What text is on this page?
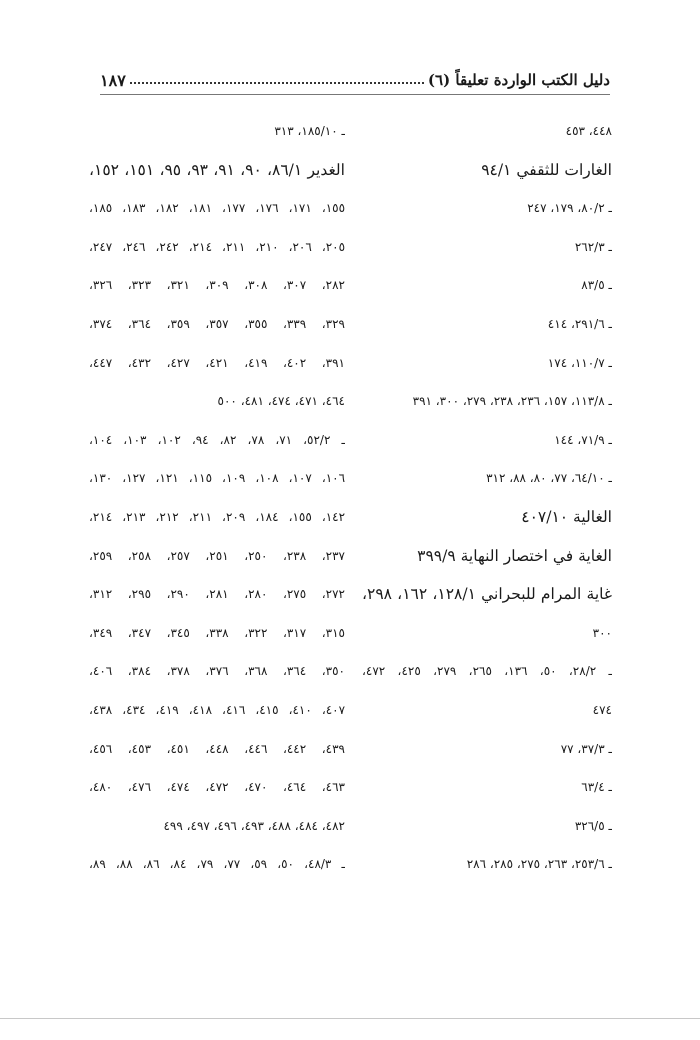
دليل الكتب الواردة تعليقاً (٦)
١٨٧
٤٤٨، ٤٥٣
الغارات للثقفي ٩٤/١
ـ ٨٠/٢، ١٧٩، ٢٤٧
ـ ٢٦٢/٣
ـ ٨٣/٥
ـ ٢٩١/٦، ٤١٤
ـ ١١٠/٧، ١٧٤
ـ ١١٣/٨، ١٥٧، ٢٣٦، ٢٣٨، ٢٧٩، ٣٠٠، ٣٩١
ـ ٧١/٩، ١٤٤
ـ ٦٤/١٠، ٧٧، ٨٠، ٨٨، ٣١٢
الغالية ٤٠٧/١٠
الغاية في اختصار النهاية ٣٩٩/٩
غاية المرام للبحراني ١٢٨/١، ١٦٢، ٢٩٨،
٣٠٠
ـ ٢٨/٢، ٥٠، ١٣٦، ٢٦٥، ٢٧٩، ٤٢٥، ٤٧٢،
٤٧٤
ـ ٣٧/٣، ٧٧
ـ ٦٣/٤
ـ ٣٢٦/٥
ـ ٢٥٣/٦، ٢٦٣، ٢٧٥، ٢٨٥، ٢٨٦
ـ ١٨٥/١٠، ٣١٣
الغدير ٨٦/١، ٩٠، ٩١، ٩٣، ٩٥، ١٥١، ١٥٢،
١٥٥، ١٧١، ١٧٦، ١٧٧، ١٨١، ١٨٢، ١٨٣، ١٨٥،
٢٠٥، ٢٠٦، ٢١٠، ٢١١، ٢١٤، ٢٤٢، ٢٤٦، ٢٤٧،
٢٨٢، ٣٠٧، ٣٠٨، ٣٠٩، ٣٢١، ٣٢٣، ٣٢٦،
٣٢٩، ٣٣٩، ٣٥٥، ٣٥٧، ٣٥٩، ٣٦٤، ٣٧٤،
٣٩١، ٤٠٢، ٤١٩، ٤٢١، ٤٢٧، ٤٣٢، ٤٤٧،
٤٦٤، ٤٧١، ٤٧٤، ٤٨١، ٥٠٠
ـ ٥٢/٢، ٧١، ٧٨، ٨٢، ٩٤، ١٠٢، ١٠٣، ١٠٤،
١٠٦، ١٠٧، ١٠٨، ١٠٩، ١١٥، ١٢١، ١٢٧، ١٣٠،
١٤٢، ١٥٥، ١٨٤، ٢٠٩، ٢١١، ٢١٢، ٢١٣، ٢١٤،
٢٣٧، ٢٣٨، ٢٥٠، ٢٥١، ٢٥٧، ٢٥٨، ٢٥٩،
٢٧٢، ٢٧٥، ٢٨٠، ٢٨١، ٢٩٠، ٢٩٥، ٣١٢،
٣١٥، ٣١٧، ٣٢٢، ٣٣٨، ٣٤٥، ٣٤٧، ٣٤٩،
٣٥٠، ٣٦٤، ٣٦٨، ٣٧٦، ٣٧٨، ٣٨٤، ٤٠٦،
٤٠٧، ٤١٠، ٤١٥، ٤١٦، ٤١٨، ٤١٩، ٤٣٤، ٤٣٨،
٤٣٩، ٤٤٢، ٤٤٦، ٤٤٨، ٤٥١، ٤٥٣، ٤٥٦،
٤٦٣، ٤٦٤، ٤٧٠، ٤٧٢، ٤٧٤، ٤٧٦، ٤٨٠،
٤٨٢، ٤٨٤، ٤٨٨، ٤٩٣، ٤٩٦، ٤٩٧، ٤٩٩
ـ ٤٨/٣، ٥٠، ٥٩، ٧٧، ٧٩، ٨٤، ٨٦، ٨٨، ٨٩،
